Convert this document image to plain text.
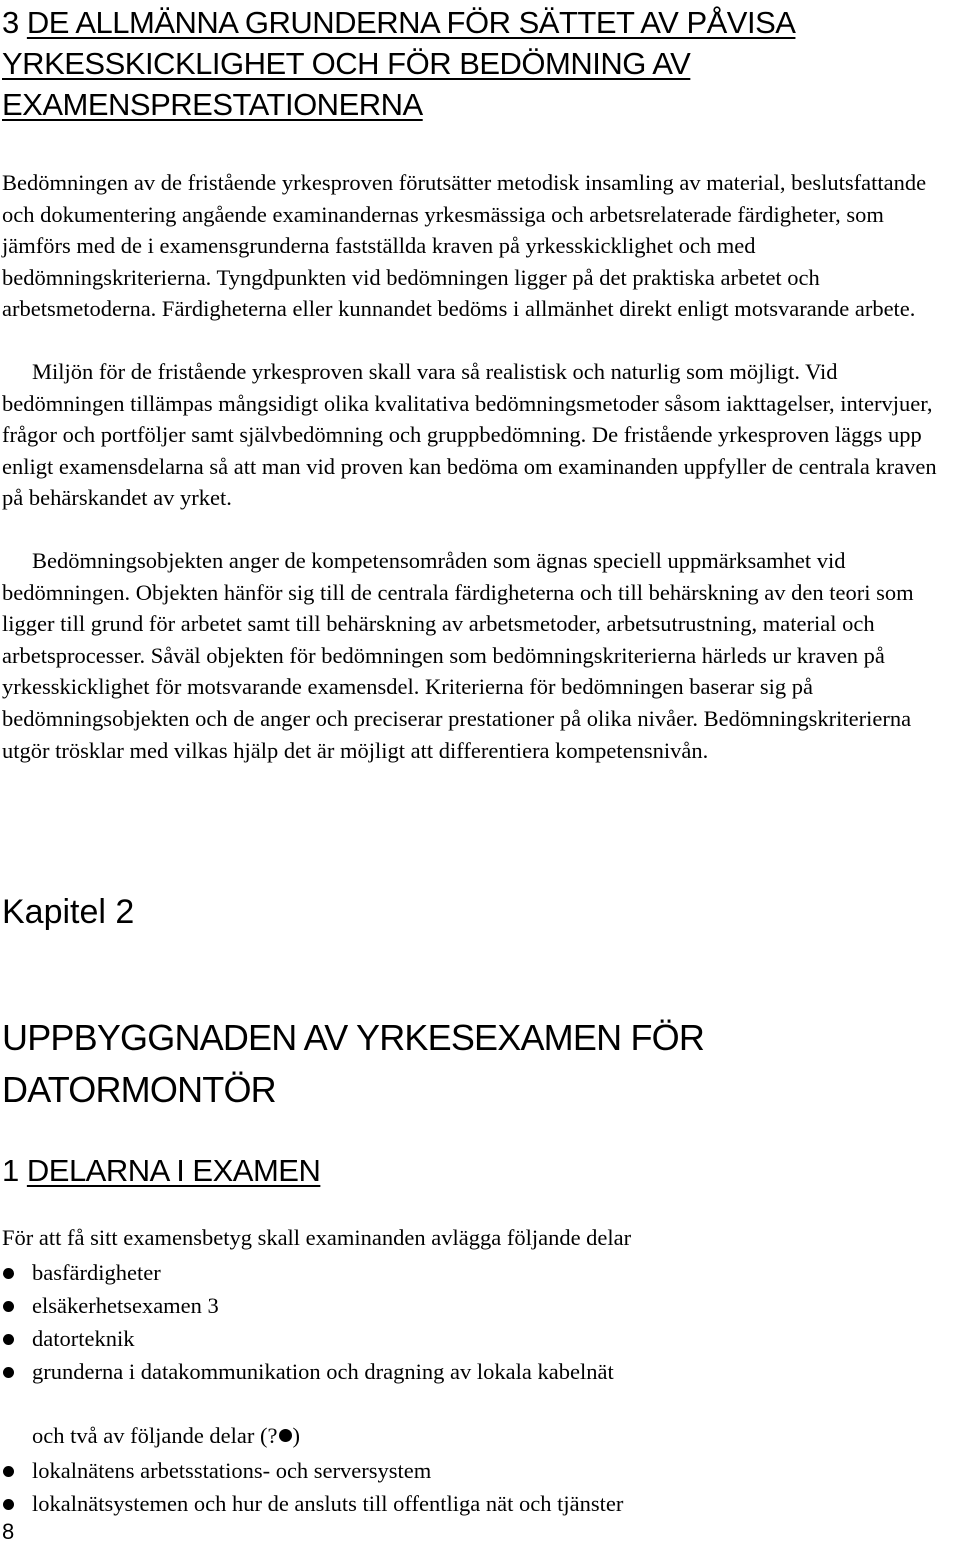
3 DE ALLMÄNNA GRUNDERNA FÖR SÄTTET AV PÅVISA YRKESSKICKLIGHET OCH FÖR BEDÖMNING AV EXAMENSPRESTATIONERNA

Bedömningen av de fristående yrkesproven förutsätter metodisk insamling av material, beslutsfattande och dokumentering angående examinandernas yrkesmässiga och arbetsrelaterade färdigheter, som jämförs med de i examensgrunderna fastställda kraven på yrkesskicklighet och med bedömningskriterierna. Tyngdpunkten vid bedömningen ligger på det praktiska arbetet och arbetsmetoderna. Färdigheterna eller kunnandet bedöms i allmänhet direkt enligt motsvarande arbete.

Miljön för de fristående yrkesproven skall vara så realistisk och naturlig som möjligt. Vid bedömningen tillämpas mångsidigt olika kvalitativa bedömningsmetoder såsom iakttagelser, intervjuer, frågor och portföljer samt självbedömning och gruppbedömning. De fristående yrkesproven läggs upp enligt examensdelarna så att man vid proven kan bedöma om examinanden uppfyller de centrala kraven på behärskandet av yrket.

Bedömningsobjekten anger de kompetensområden som ägnas speciell uppmärksamhet vid bedömningen. Objekten hänför sig till de centrala färdigheterna och till behärskning av den teori som ligger till grund för arbetet samt till behärskning av arbetsmetoder, arbetsutrustning, material och arbetsprocesser. Såväl objekten för bedömningen som bedömningskriterierna härleds ur kraven på yrkesskicklighet för motsvarande examensdel. Kriterierna för bedömningen baserar sig på bedömningsobjekten och de anger och preciserar prestationer på olika nivåer. Bedömningskriterierna utgör trösklar med vilkas hjälp det är möjligt att differentiera kompetensnivån.

Kapitel 2
UPPBYGGNADEN AV YRKESEXAMEN FÖR DATORMONTÖR
1 DELARNA I EXAMEN

För att få sitt examensbetyg skall examinanden avlägga följande delar

basfärdigheter
elsäkerhetsexamen 3
datorteknik
grunderna i datakommunikation och dragning av lokala kabelnät

och två av följande delar (? )

lokalnätens arbetsstations- och serversystem
lokalnätsystemen och hur de ansluts till offentliga nät och tjänster
8
